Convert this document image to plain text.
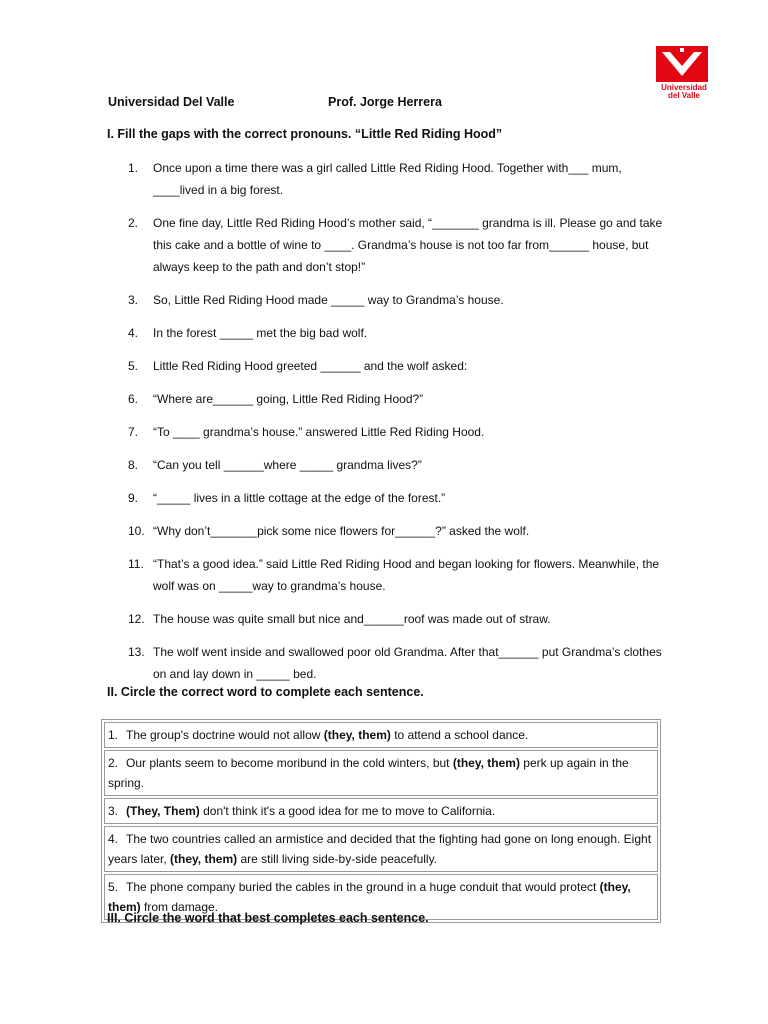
Universidad del Valle
Universidad Del Valle	Prof. Jorge Herrera
I. Fill the gaps with the correct pronouns. “Little Red Riding Hood”
1. Once upon a time there was a girl called Little Red Riding Hood. Together with___ mum, ____lived in a big forest.
2. One fine day, Little Red Riding Hood’s mother said, “_______ grandma is ill. Please go and take this cake and a bottle of wine to ____. Grandma’s house is not too far from______ house, but always keep to the path and don’t stop!”
3. So, Little Red Riding Hood made _____ way to Grandma’s house.
4. In the forest _____ met the big bad wolf.
5. Little Red Riding Hood greeted ______ and the wolf asked:
6. “Where are______ going, Little Red Riding Hood?”
7. “To ____ grandma’s house.” answered Little Red Riding Hood.
8. “Can you tell ______where _____ grandma lives?”
9. “_____ lives in a little cottage at the edge of the forest.”
10. “Why don’t_______pick some nice flowers for______?” asked the wolf.
11. “That’s a good idea.” said Little Red Riding Hood and began looking for flowers. Meanwhile, the wolf was on _____way to grandma’s house.
12. The house was quite small but nice and______roof was made out of straw.
13. The wolf went inside and swallowed poor old Grandma. After that______ put Grandma’s clothes on and lay down in _____ bed.
II. Circle the correct word to complete each sentence.
1. The group's doctrine would not allow (they, them) to attend a school dance.
2. Our plants seem to become moribund in the cold winters, but (they, them) perk up again in the spring.
3. (They, Them) don't think it's a good idea for me to move to California.
4. The two countries called an armistice and decided that the fighting had gone on long enough. Eight years later, (they, them) are still living side-by-side peacefully.
5. The phone company buried the cables in the ground in a huge conduit that would protect (they, them) from damage.
III. Circle the word that best completes each sentence.
